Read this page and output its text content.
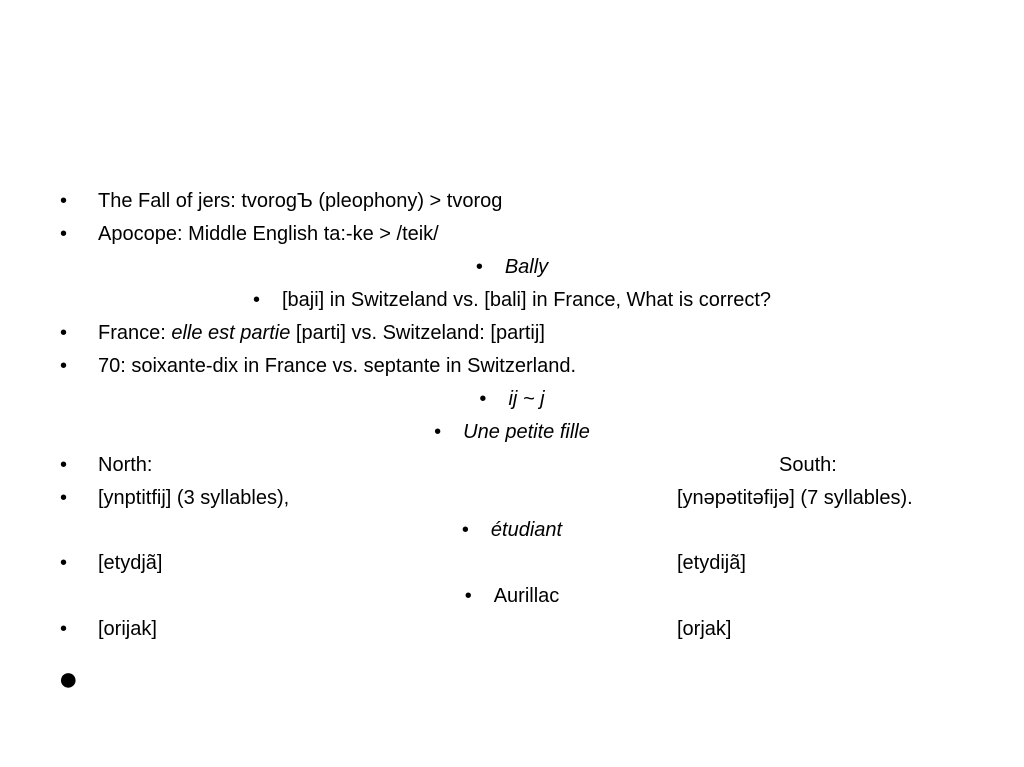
• The Fall of jers: tvorogЪ (pleophony) > tvorog
• Apocope: Middle English ta:-ke > /teik/
• Bally
• [baji] in Switzeland vs. [bali] in France, What is correct?
• France: elle est partie [parti] vs. Switzeland: [partij]
• 70: soixante-dix in France vs. septante in Switzerland.
• ij ~ j
• Une petite fille
• North:	South:
• [ynptitfij] (3 syllables),	[ynəpətitəfijə] (7 syllables).
• étudiant
• [etydjã]	[etydijã]
• Aurillac
• [orijak]	[orjak]
●
